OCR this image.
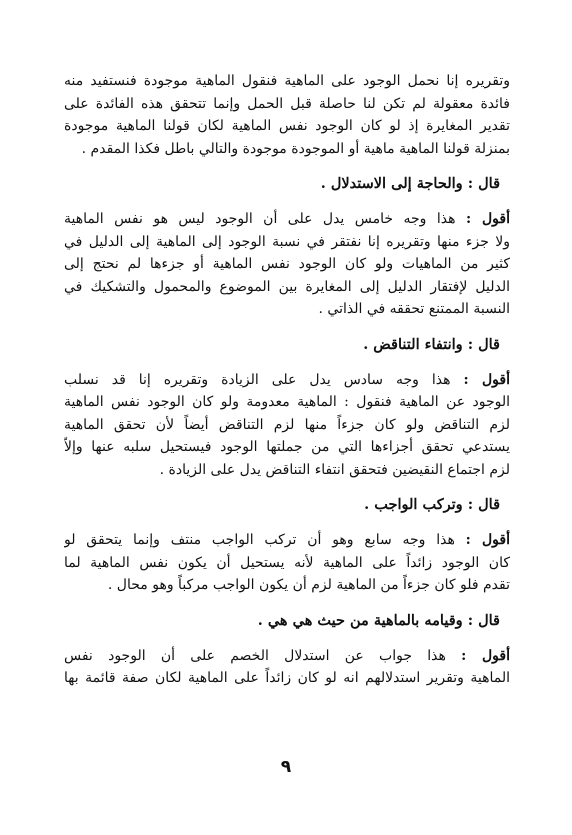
وتقريره إنا نحمل الوجود على الماهية فنقول الماهية موجودة فنستفيد منه
فائدة معقولة لم تكن لنا حاصلة قبل الحمل وإنما تتحقق هذه الفائدة على
تقدير المغايرة إذ لو كان الوجود نفس الماهية لكان قولنا الماهية موجودة
بمنزلة قولنا الماهية ماهية أو الموجودة موجودة والتالي باطل فكذا المقدم .
قال : والحاجة إلى الاستدلال .
أقول : هذا وجه خامس يدل على أن الوجود ليس هو نفس الماهية
ولا جزء منها وتقريره إنا نفتقر في نسبة الوجود إلى الماهية إلى الدليل في
كثير من الماهيات ولو كان الوجود نفس الماهية أو جزءها لم نحتج إلى
الدليل لإفتقار الدليل إلى المغايرة بين الموضوع والمحمول والتشكيك في
النسبة الممتنع تحققه في الذاتي .
قال : وانتفاء التناقض .
أقول : هذا وجه سادس يدل على الزيادة وتقريره إنا قد نسلب
الوجود عن الماهية فنقول : الماهية معدومة ولو كان الوجود نفس الماهية
لزم التناقض ولو كان جزءاً منها لزم التناقض أيضاً لأن تحقق الماهية
يستدعي تحقق أجزاءها التي من جملتها الوجود فيستحيل سلبه عنها وإلاّ
لزم اجتماع النقيضين فتحقق انتفاء التناقض يدل على الزيادة .
قال : وتركب الواجب .
أقول : هذا وجه سابع وهو أن تركب الواجب منتف وإنما يتحقق لو
كان الوجود زائداً على الماهية لأنه يستحيل أن يكون نفس الماهية لما
تقدم فلو كان جزءاً من الماهية لزم أن يكون الواجب مركباً وهو محال .
قال : وقيامه بالماهية من حيث هي هي .
أقول : هذا جواب عن استدلال الخصم على أن الوجود نفس
الماهية وتقرير استدلالهم انه لو كان زائداً على الماهية لكان صفة قائمة بها
٩
